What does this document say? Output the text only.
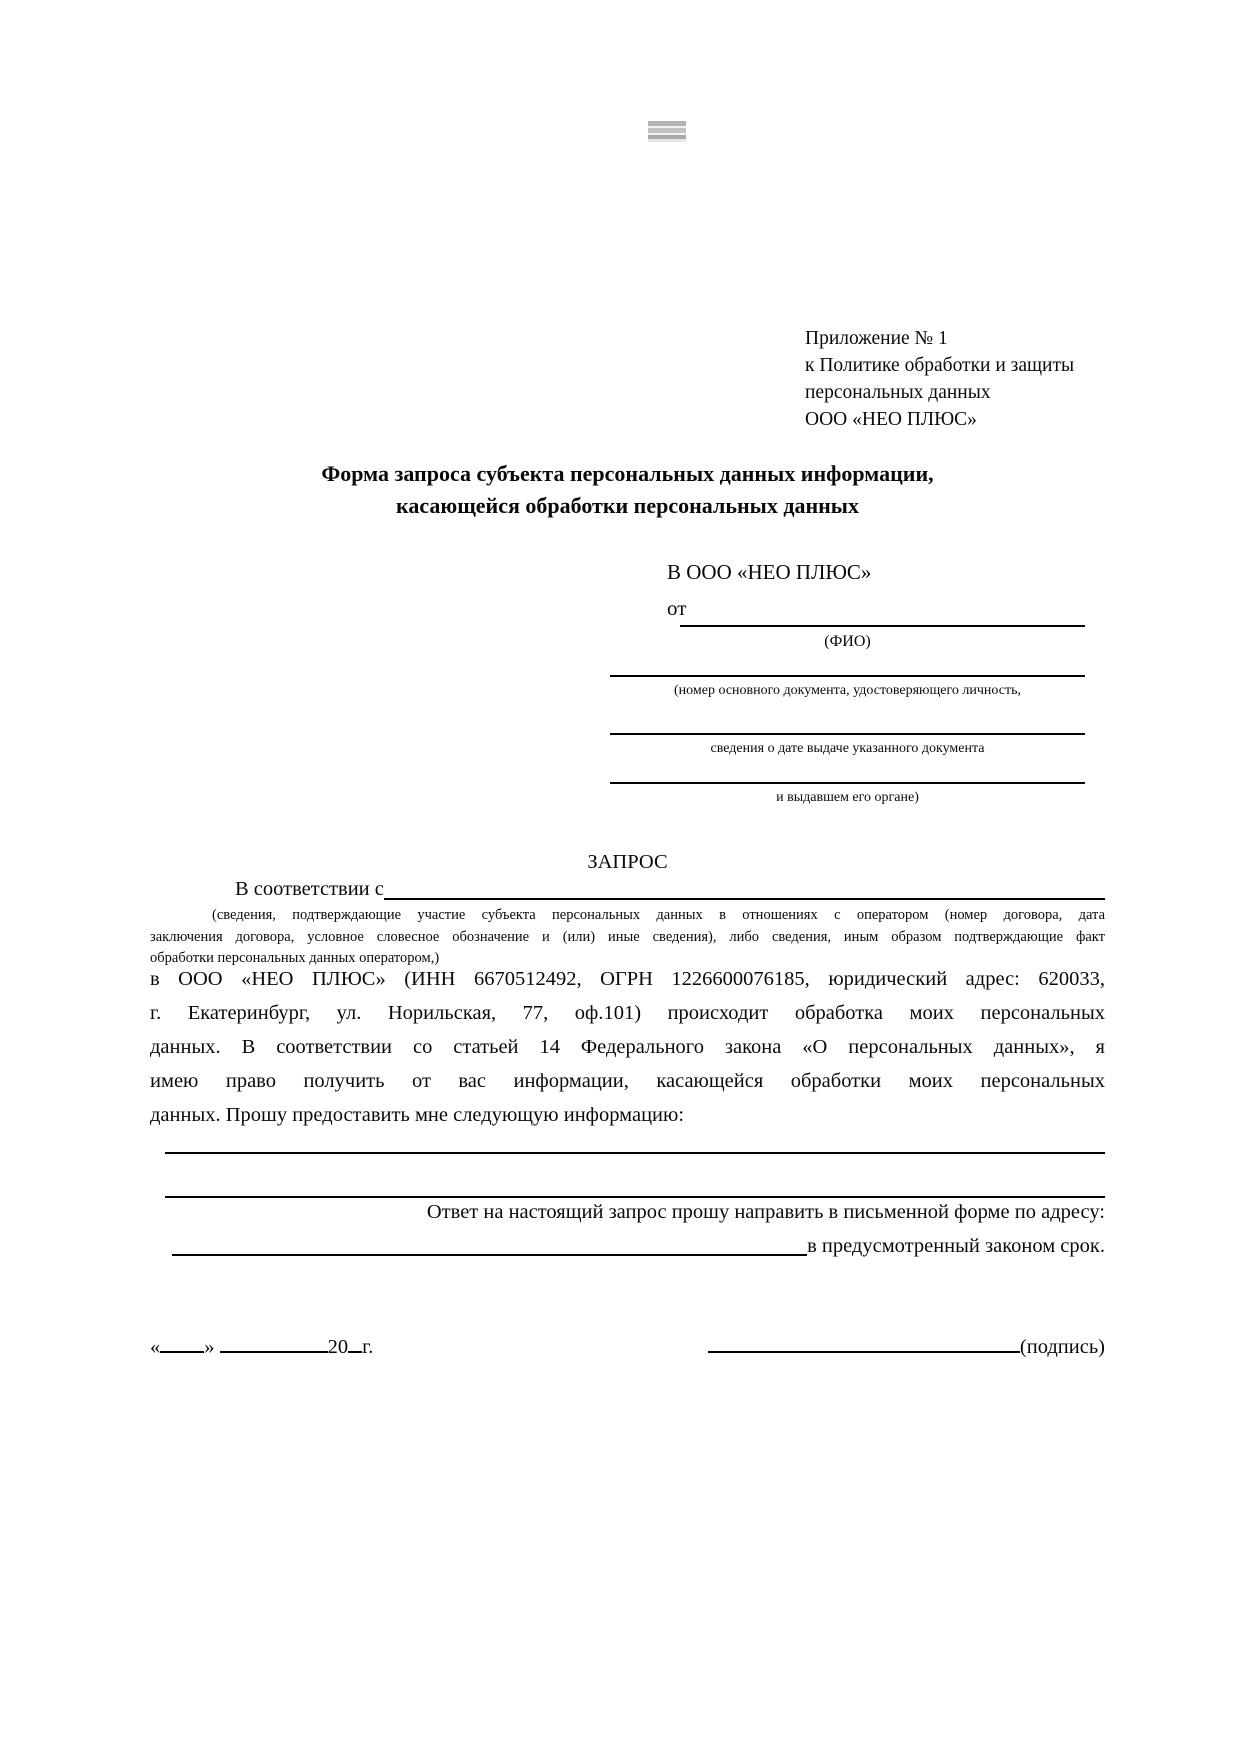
Приложение № 1
к Политике обработки и защиты
персональных данных
ООО «НЕО ПЛЮС»
Форма запроса субъекта персональных данных информации,
касающейся обработки персональных данных
В ООО «НЕО ПЛЮС»
от
(ФИО)
(номер основного документа, удостоверяющего личность,
сведения о дате выдаче указанного документа
и выдавшем его органе)
ЗАПРОС
В соответствии с
(сведения, подтверждающие участие субъекта персональных данных в отношениях с оператором (номер договора, дата
заключения договора, условное словесное обозначение и (или) иные сведения), либо сведения, иным образом подтверждающие факт
обработки персональных данных оператором,)
в ООО «НЕО ПЛЮС» (ИНН 6670512492, ОГРН 1226600076185, юридический адрес: 620033,
г. Екатеринбург, ул. Норильская, 77, оф.101) происходит обработка моих персональных
данных. В соответствии со статьей 14 Федерального закона «О персональных данных», я
имею право получить от вас информации, касающейся обработки моих персональных
данных. Прошу предоставить мне следующую информацию:
Ответ на настоящий запрос прошу направить в письменной форме по адресу:
в предусмотренный законом срок.
« »	20 г.	(подпись)
